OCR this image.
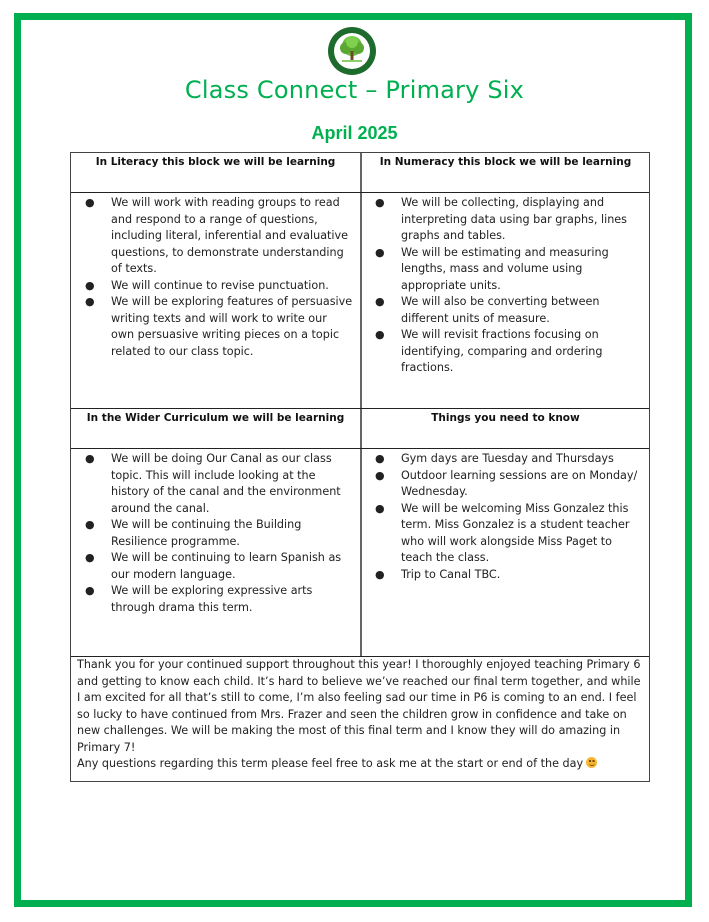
Class Connect – Primary Six
April 2025
In Literacy this block we will be learning
● We will work with reading groups to read and respond to a range of questions, including literal, inferential and evaluative questions, to demonstrate understanding of texts.
● We will continue to revise punctuation.
● We will be exploring features of persuasive writing texts and will work to write our own persuasive writing pieces on a topic related to our class topic.
In Numeracy this block we will be learning
● We will be collecting, displaying and interpreting data using bar graphs, lines graphs and tables.
● We will be estimating and measuring lengths, mass and volume using appropriate units.
● We will also be converting between different units of measure.
● We will revisit fractions focusing on identifying, comparing and ordering fractions.
In the Wider Curriculum we will be learning
● We will be doing Our Canal as our class topic. This will include looking at the history of the canal and the environment around the canal.
● We will be continuing the Building Resilience programme.
● We will be continuing to learn Spanish as our modern language.
● We will be exploring expressive arts through drama this term.
Things you need to know
● Gym days are Tuesday and Thursdays
● Outdoor learning sessions are on Monday/ Wednesday.
● We will be welcoming Miss Gonzalez this term. Miss Gonzalez is a student teacher who will work alongside Miss Paget to teach the class.
● Trip to Canal TBC.
Thank you for your continued support throughout this year! I thoroughly enjoyed teaching Primary 6 and getting to know each child. It’s hard to believe we’ve reached our final term together, and while I am excited for all that’s still to come, I’m also feeling sad our time in P6 is coming to an end. I feel so lucky to have continued from Mrs. Frazer and seen the children grow in confidence and take on new challenges. We will be making the most of this final term and I know they will do amazing in Primary 7!
Any questions regarding this term please feel free to ask me at the start or end of the day
